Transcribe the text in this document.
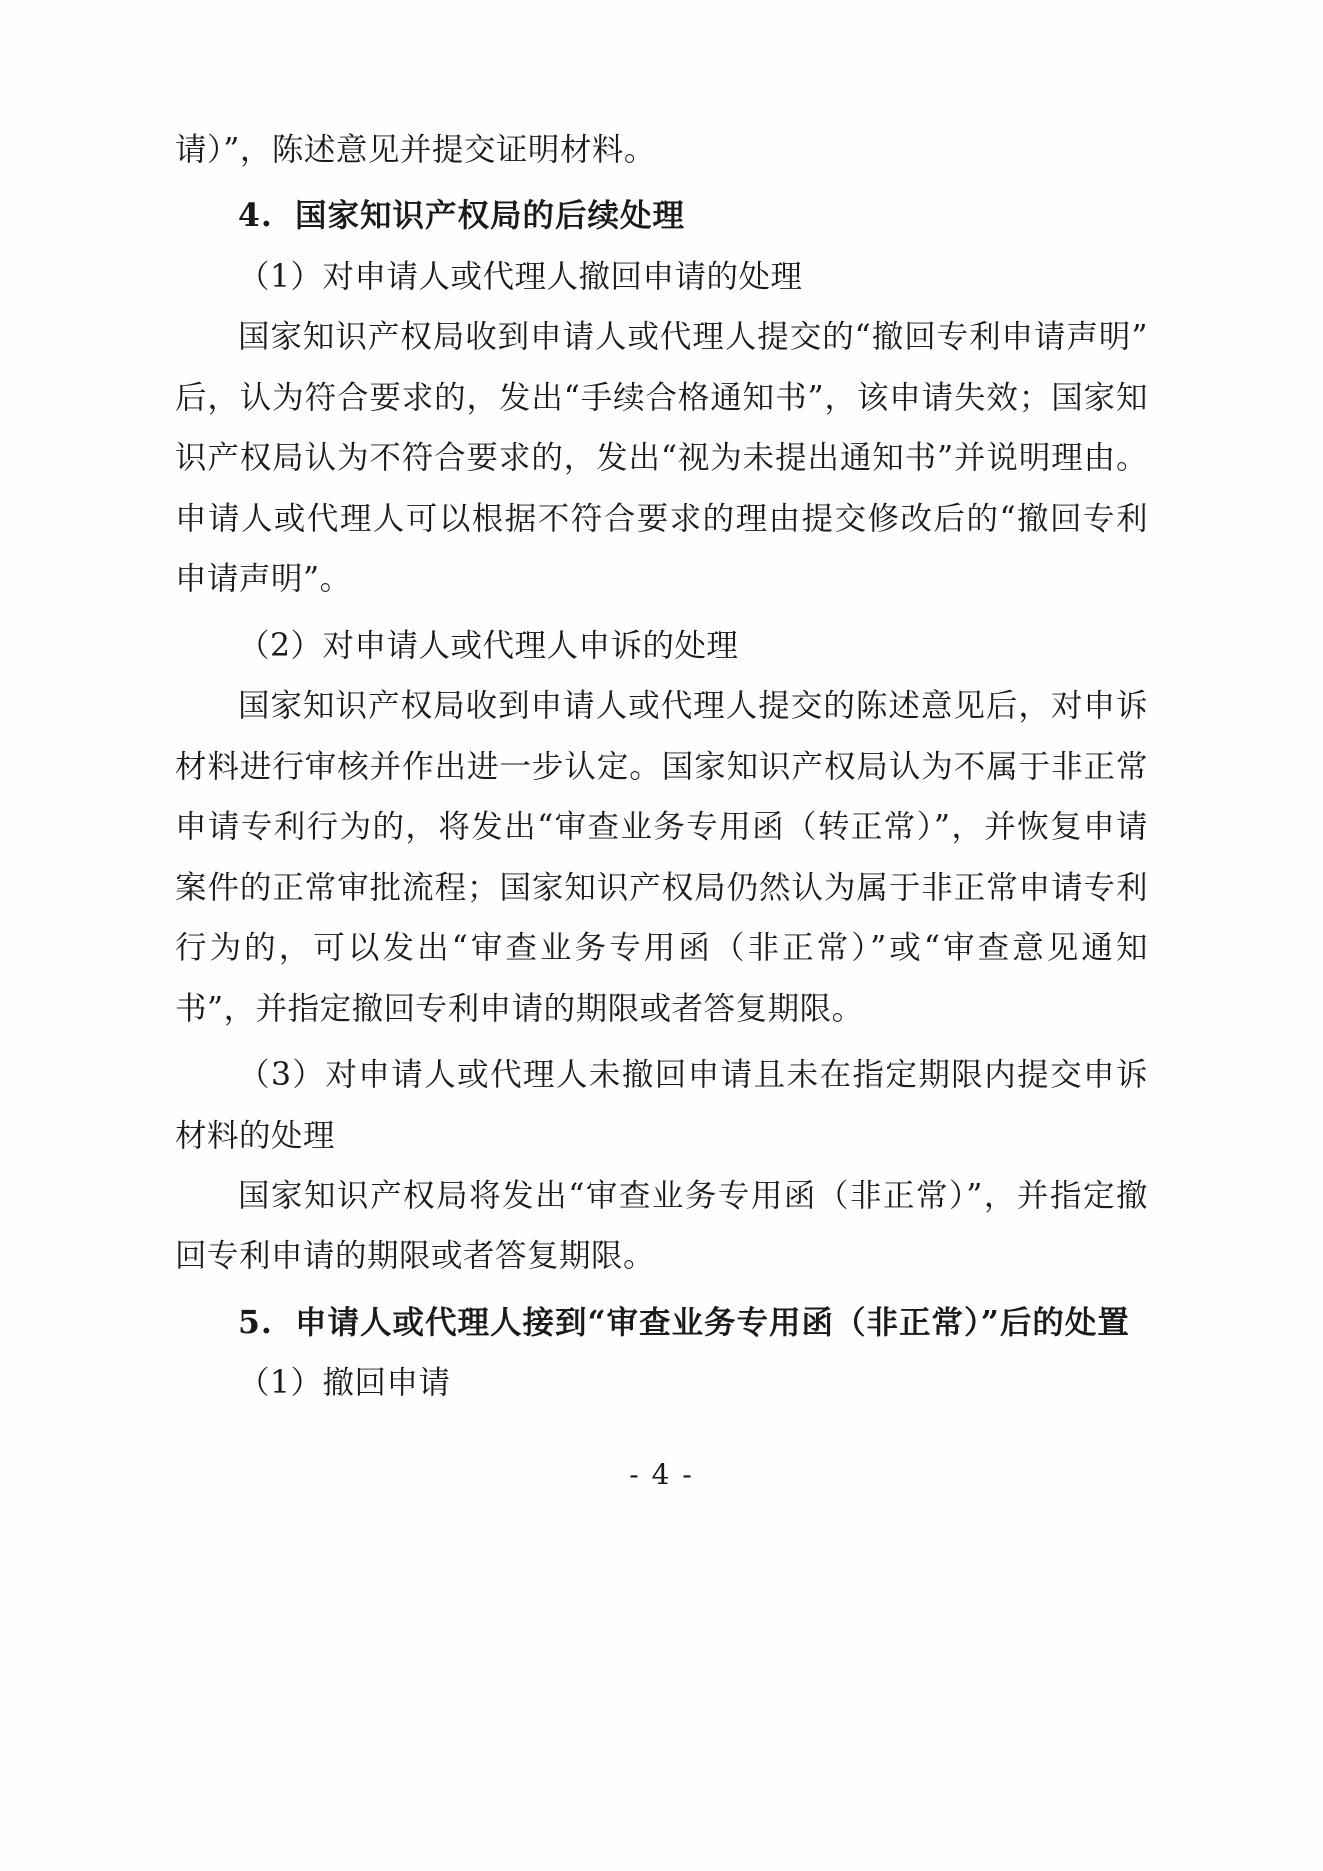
请）”，陈述意见并提交证明材料。

4. 国家知识产权局的后续处理

（1）对申请人或代理人撤回申请的处理

国家知识产权局收到申请人或代理人提交的“撤回专利申请声明”后，认为符合要求的，发出“手续合格通知书”，该申请失效；国家知识产权局认为不符合要求的，发出“视为未提出通知书”并说明理由。申请人或代理人可以根据不符合要求的理由提交修改后的“撤回专利申请声明”。

（2）对申请人或代理人申诉的处理

国家知识产权局收到申请人或代理人提交的陈述意见后，对申诉材料进行审核并作出进一步认定。国家知识产权局认为不属于非正常申请专利行为的，将发出“审查业务专用函（转正常）”，并恢复申请案件的正常审批流程；国家知识产权局仍然认为属于非正常申请专利行为的，可以发出“审查业务专用函（非正常）”或“审查意见通知书”，并指定撤回专利申请的期限或者答复期限。

（3）对申请人或代理人未撤回申请且未在指定期限内提交申诉材料的处理

国家知识产权局将发出“审查业务专用函（非正常）”，并指定撤回专利申请的期限或者答复期限。

5. 申请人或代理人接到“审查业务专用函（非正常）”后的处置

（1）撤回申请

- 4 -
